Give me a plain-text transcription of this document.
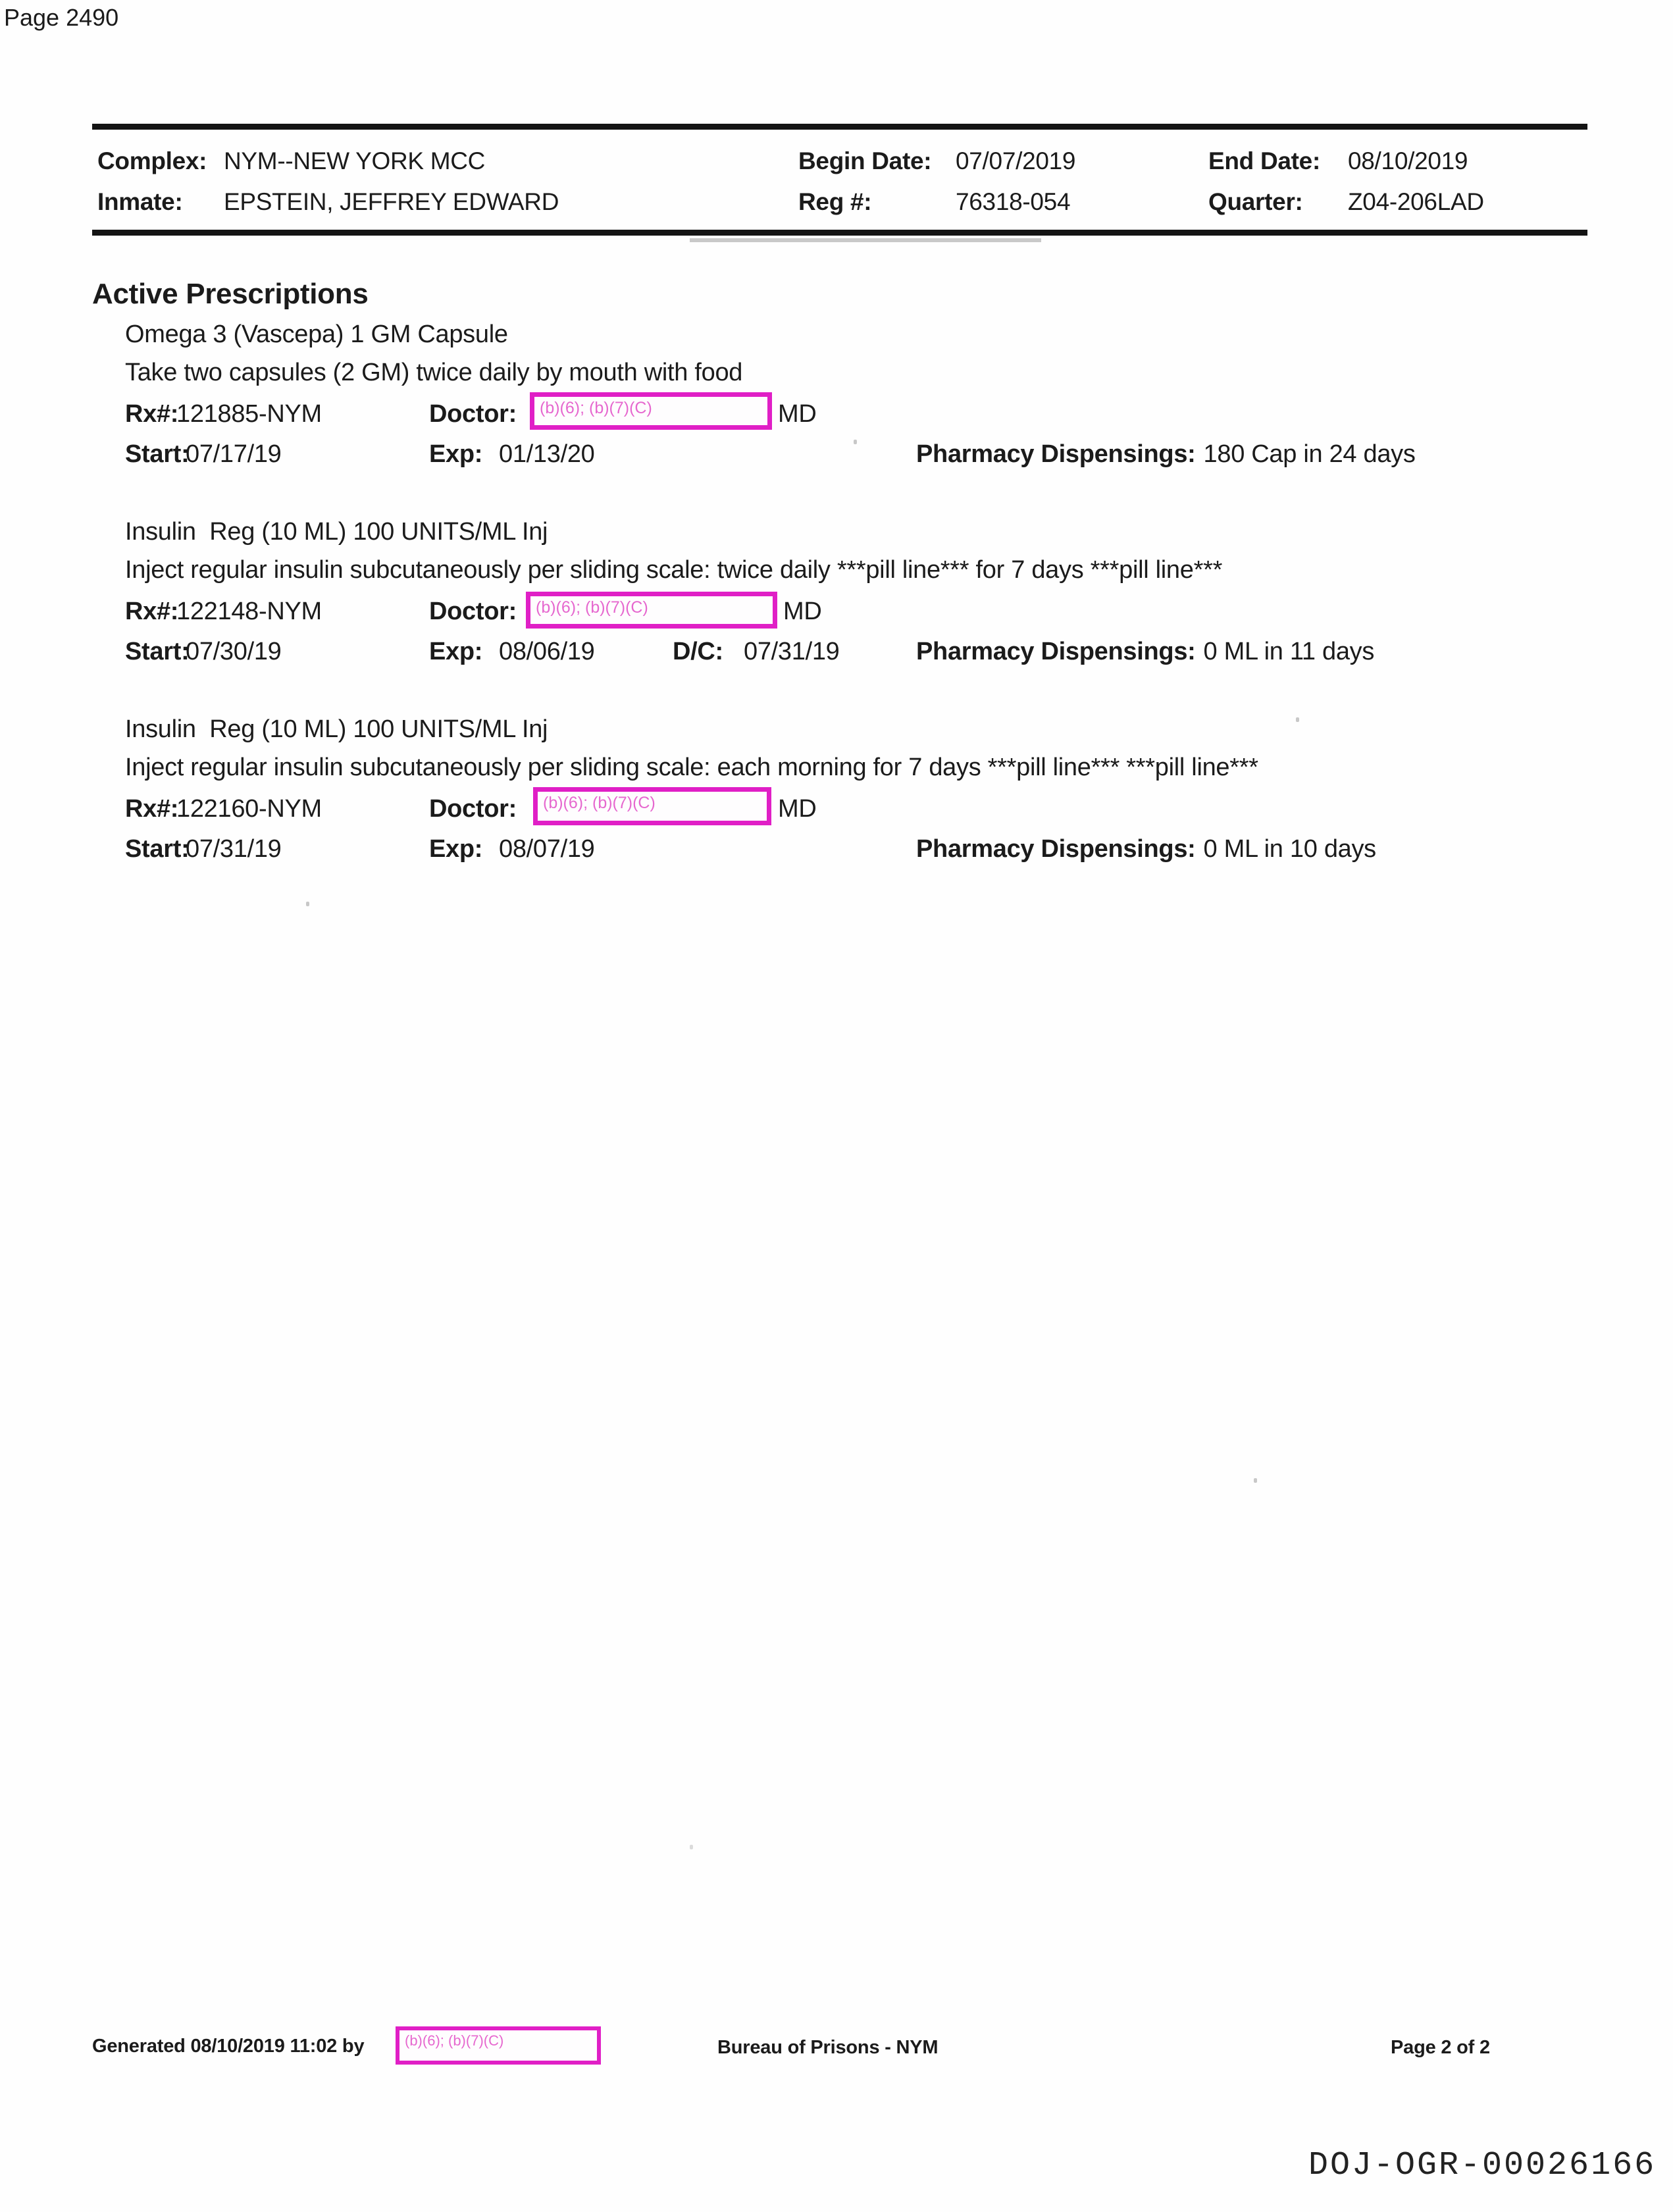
Page 2490
Complex: NYM--NEW YORK MCC	Begin Date: 07/07/2019	End Date: 08/10/2019
Inmate: EPSTEIN, JEFFREY EDWARD	Reg #:	76318-054	Quarter: Z04-206LAD
Active Prescriptions
Omega 3 (Vascepa) 1 GM Capsule
Take two capsules (2 GM) twice daily by mouth with food
Rx#:
121885-NYM	Doctor:	(b)(6); (b)(7)(C)	MD
Start:
07/17/19	Exp: 01/13/20	Pharmacy Dispensings: 180 Cap in 24 days
Insulin  Reg (10 ML) 100 UNITS/ML Inj
Inject regular insulin subcutaneously per sliding scale: twice daily ***pill line*** for 7 days ***pill line***
Rx#:
122148-NYM	Doctor:	(b)(6); (b)(7)(C)	MD
Start:
07/30/19	Exp: 08/06/19	D/C: 07/31/19	Pharmacy Dispensings: 0 ML in 11 days
Insulin  Reg (10 ML) 100 UNITS/ML Inj
Inject regular insulin subcutaneously per sliding scale: each morning for 7 days ***pill line*** ***pill line***
Rx#:
122160-NYM	Doctor:	(b)(6); (b)(7)(C)	MD
Start:
07/31/19	Exp: 08/07/19	Pharmacy Dispensings: 0 ML in 10 days
Generated 08/10/2019 11:02 by	(b)(6); (b)(7)(C)	Bureau of Prisons - NYM	Page 2 of 2
DOJ-OGR-00026166
